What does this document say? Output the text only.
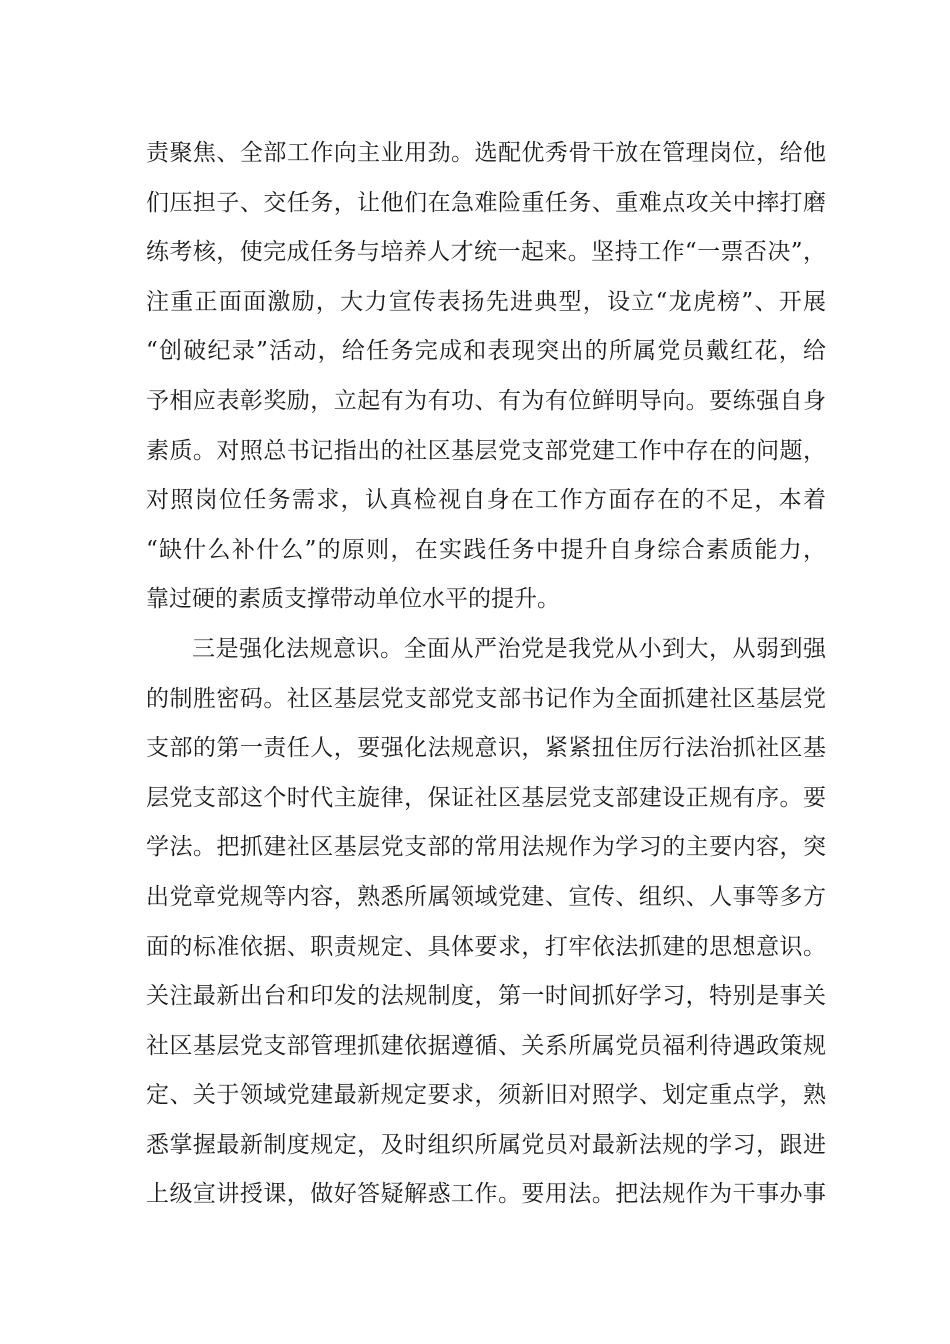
责聚焦、全部工作向主业用劲。选配优秀骨干放在管理岗位，给他
们压担子、交任务，让他们在急难险重任务、重难点攻关中摔打磨
练考核，使完成任务与培养人才统一起来。坚持工作“一票否决”，
注重正面面激励，大力宣传表扬先进典型，设立“龙虎榜”、开展
“创破纪录”活动，给任务完成和表现突出的所属党员戴红花，给
予相应表彰奖励，立起有为有功、有为有位鲜明导向。要练强自身
素质。对照总书记指出的社区基层党支部党建工作中存在的问题，
对照岗位任务需求，认真检视自身在工作方面存在的不足，本着
“缺什么补什么”的原则，在实践任务中提升自身综合素质能力，
靠过硬的素质支撑带动单位水平的提升。
三是强化法规意识。全面从严治党是我党从小到大，从弱到强
的制胜密码。社区基层党支部党支部书记作为全面抓建社区基层党
支部的第一责任人，要强化法规意识，紧紧扭住厉行法治抓社区基
层党支部这个时代主旋律，保证社区基层党支部建设正规有序。要
学法。把抓建社区基层党支部的常用法规作为学习的主要内容，突
出党章党规等内容，熟悉所属领域党建、宣传、组织、人事等多方
面的标准依据、职责规定、具体要求，打牢依法抓建的思想意识。
关注最新出台和印发的法规制度，第一时间抓好学习，特别是事关
社区基层党支部管理抓建依据遵循、关系所属党员福利待遇政策规
定、关于领域党建最新规定要求，须新旧对照学、划定重点学，熟
悉掌握最新制度规定，及时组织所属党员对最新法规的学习，跟进
上级宣讲授课，做好答疑解惑工作。要用法。把法规作为干事办事
